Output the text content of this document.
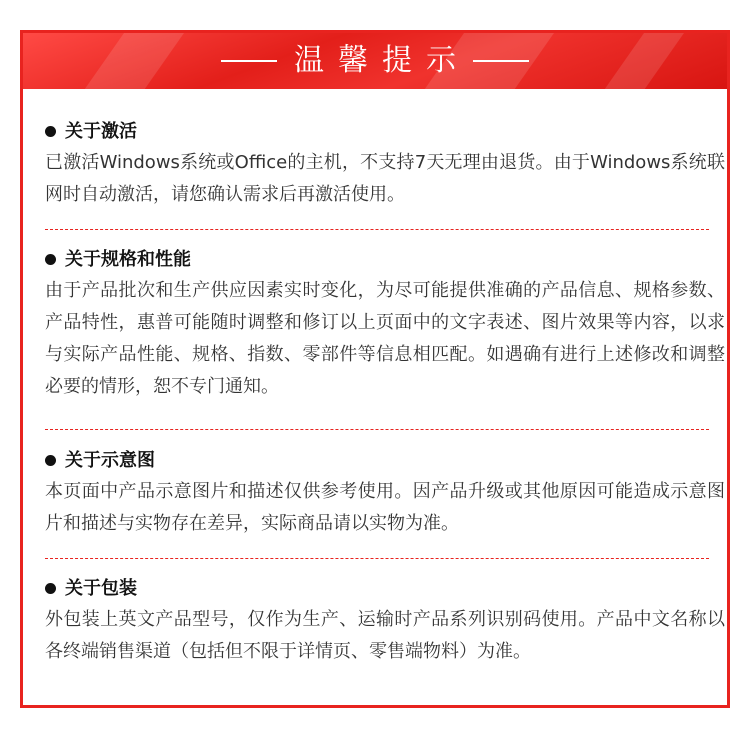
温馨提示
关于激活

已激活Windows系统或Office的主机，不支持7天无理由退货。由于Windows系统联网时自动激活，请您确认需求后再激活使用。

关于规格和性能

由于产品批次和生产供应因素实时变化，为尽可能提供准确的产品信息、规格参数、产品特性，惠普可能随时调整和修订以上页面中的文字表述、图片效果等内容，以求与实际产品性能、规格、指数、零部件等信息相匹配。如遇确有进行上述修改和调整必要的情形，恕不专门通知。

关于示意图

本页面中产品示意图片和描述仅供参考使用。因产品升级或其他原因可能造成示意图片和描述与实物存在差异，实际商品请以实物为准。

关于包装

外包装上英文产品型号，仅作为生产、运输时产品系列识别码使用。产品中文名称以各终端销售渠道（包括但不限于详情页、零售端物料）为准。
